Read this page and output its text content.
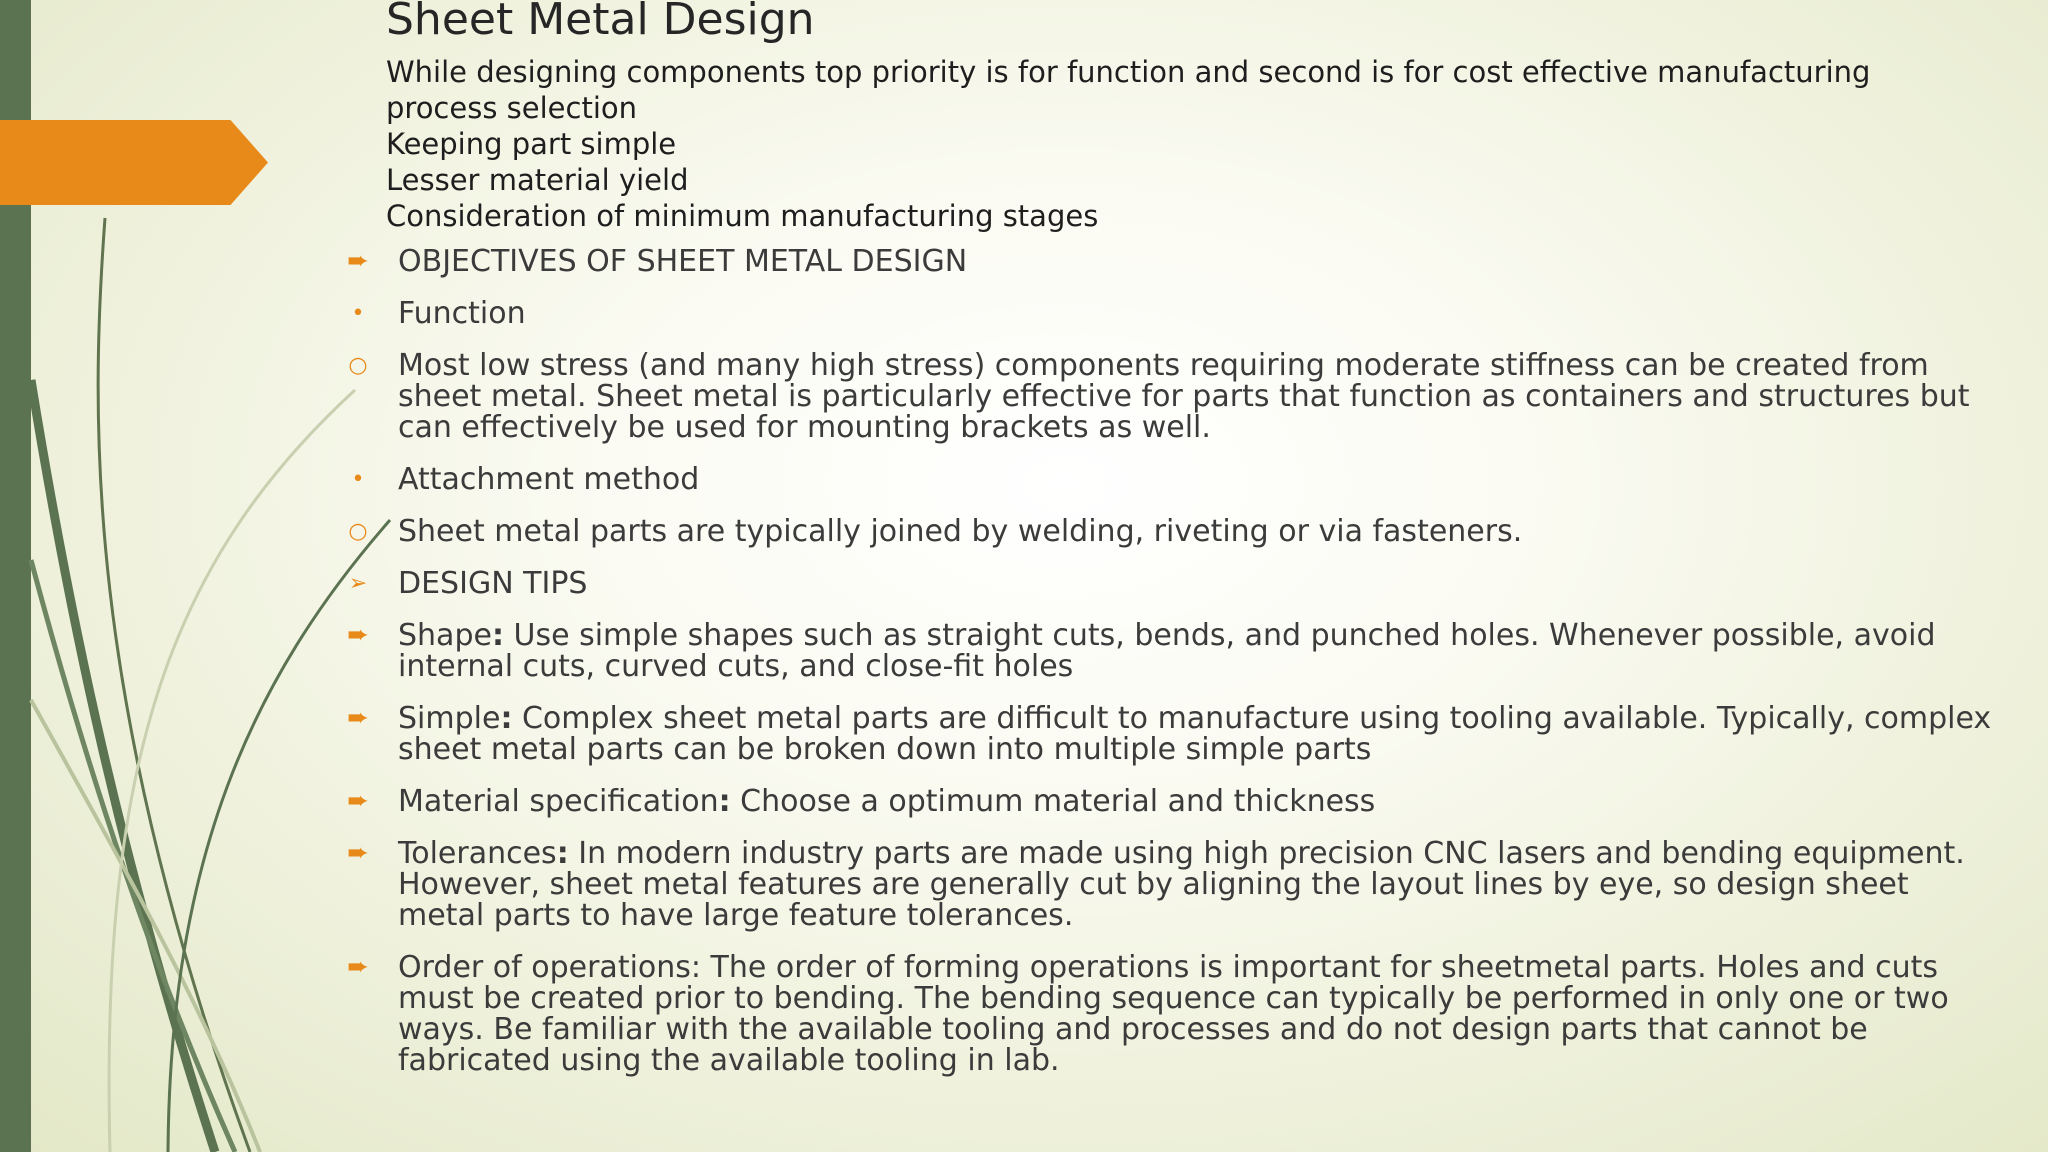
Sheet Metal Design
While designing components top priority is for function and second is for cost effective manufacturing process selection
Keeping part simple
Lesser material yield
Consideration of minimum manufacturing stages
➨ OBJECTIVES OF SHEET METAL DESIGN
•	Function
○ Most low stress (and many high stress) components requiring moderate stiffness can be created from sheet metal. Sheet metal is particularly effective for parts that function as containers and structures but can effectively be used for mounting brackets as well.
•	Attachment method
○ Sheet metal parts are typically joined by welding, riveting or via fasteners.
➢ DESIGN TIPS
➨ Shape: Use simple shapes such as straight cuts, bends, and punched holes. Whenever possible, avoid internal cuts, curved cuts, and close-fit holes
➨ Simple: Complex sheet metal parts are difficult to manufacture using tooling available. Typically, complex sheet metal parts can be broken down into multiple simple parts
➨ Material specification: Choose a optimum material and thickness
➨ Tolerances: In modern industry parts are made using high precision CNC lasers and bending equipment. However, sheet metal features are generally cut by aligning the layout lines by eye, so design sheet metal parts to have large feature tolerances.
➨ Order of operations: The order of forming operations is important for sheetmetal parts. Holes and cuts must be created prior to bending. The bending sequence can typically be performed in only one or two ways. Be familiar with the available tooling and processes and do not design parts that cannot be fabricated using the available tooling in lab.
